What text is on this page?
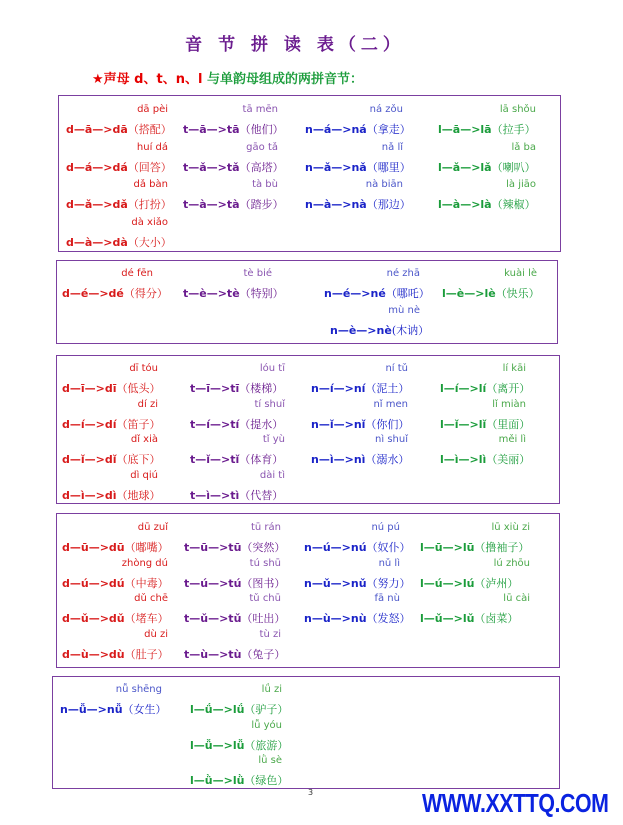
音 节 拼 读 表（二）
★声母 d、t、n、l 与单韵母组成的两拼音节：
dā pèi
d—ā—>dā（搭配）
huí dá
d—á—>dá（回答）
dǎ bàn
d—ǎ—>dǎ（打扮）
dà xiǎo
d—à—>dà（大小）
tā mēn
t—ā—>tā（他们）
gāo tǎ
t—ǎ—>tǎ（高塔）
tà bù
t—à—>tà（踏步）
ná zǒu
n—á—>ná（拿走）
nǎ lǐ
n—ǎ—>nǎ（哪里）
nà biān
n—à—>nà（那边）
lā shǒu
l—ā—>lā（拉手）
lǎ ba
l—ǎ—>lǎ（喇叭）
là jiāo
l—à—>là（辣椒）
dé fēn
d—é—>dé（得分）
tè bié
t—è—>tè（特别）
né zhā
n—é—>né（哪吒）
mù nè
n—è—>nè(木讷）
kuài lè
l—è—>lè（快乐）
dī tóu
d—ī—>dī（低头）
dí zi
d—í—>dí（笛子）
dǐ xià
d—ǐ—>dǐ（底下）
dì qiú
d—ì—>dì（地球）
lóu tī
t—ī—>tī（楼梯）
tí shuǐ
t—í—>tí（提水）
tǐ yù
t—ǐ—>tǐ（体育）
dài tì
t—ì—>tì（代替）
ní tǔ
n—í—>ní（泥土）
nǐ men
n—ǐ—>nǐ（你们）
nì shuǐ
n—ì—>nì（溺水）
lí kāi
l—í—>lí（离开）
lǐ miàn
l—ǐ—>lǐ（里面）
měi lì
l—ì—>lì（美丽）
dū zuǐ
d—ū—>dū（嘟嘴）
zhòng dú
d—ú—>dú（中毒）
dǔ chē
d—ǔ—>dǔ（堵车）
dù zi
d—ù—>dù（肚子）
tū rán
t—ū—>tū（突然）
tú shū
t—ú—>tú（图书）
tǔ chū
t—ǔ—>tǔ（吐出）
tù zi
t—ù—>tù（兔子）
nú pú
n—ú—>nú（奴仆）
nǔ lì
n—ǔ—>nǔ（努力）
fā nù
n—ù—>nù（发怒）
lū xiù zi
l—ū—>lū（撸袖子）
lú zhōu
l—ú—>lú（泸州）
lū cài
l—ǔ—>lǔ（卤菜）
nǚ shēng
n—ǚ—>nǚ（女生）
lǘ zi
l—ǘ—>lǘ（驴子）
lǚ yóu
l—ǚ—>lǚ（旅游）
lǜ sè
l—ǜ—>lǜ（绿色）
3	WWW.XXTTQ.COM
